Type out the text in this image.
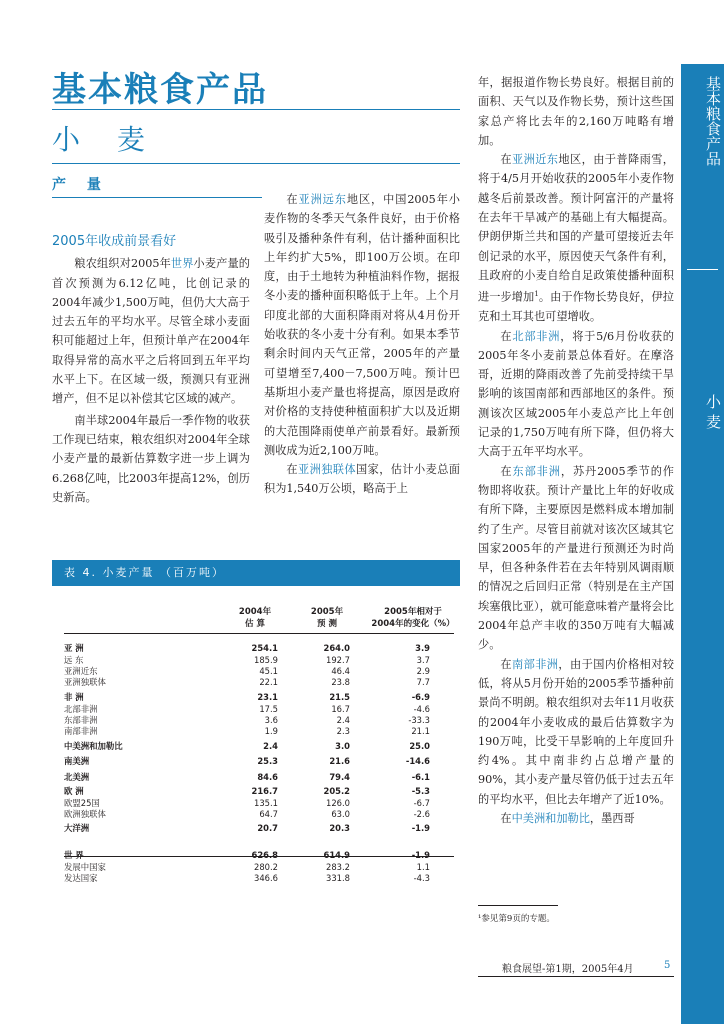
基本粮食产品
小 麦
产 量
2005年收成前景看好

粮农组织对2005年世界小麦产量的首次预测为6.12亿吨，比创记录的2004年减少1,500万吨，但仍大大高于过去五年的平均水平。尽管全球小麦面积可能超过上年，但预计单产在2004年取得异常的高水平之后将回到五年平均水平上下。在区域一级，预测只有亚洲增产，但不足以补偿其它区域的减产。

南半球2004年最后一季作物的收获工作现已结束，粮农组织对2004年全球小麦产量的最新估算数字进一步上调为6.268亿吨，比2003年提高12%，创历史新高。

在亚洲远东地区，中国2005年小麦作物的冬季天气条件良好，由于价格吸引及播种条件有利，估计播种面积比上年约扩大5%，即100万公顷。在印度，由于土地转为种植油料作物，据报冬小麦的播种面积略低于上年。上个月印度北部的大面积降雨对将从4月份开始收获的冬小麦十分有利。如果本季节剩余时间内天气正常，2005年的产量可望增至7,400－7,500万吨。预计巴基斯坦小麦产量也将提高，原因是政府对价格的支持使种植面积扩大以及近期的大范围降雨使单产前景看好。最新预测收成为近2,100万吨。

在亚洲独联体国家，估计小麦总面积为1,540万公顷，略高于上

年，据报道作物长势良好。根据目前的面积、天气以及作物长势，预计这些国家总产将比去年的2,160万吨略有增加。

在亚洲近东地区，由于普降雨雪，将于4/5月开始收获的2005年小麦作物越冬后前景改善。预计阿富汗的产量将在去年干旱减产的基础上有大幅提高。伊朗伊斯兰共和国的产量可望接近去年创记录的水平，原因使天气条件有利，且政府的小麦自给自足政策使播种面积进一步增加$^1$。由于作物长势良好，伊拉克和土耳其也可望增收。

在北部非洲，将于5/6月份收获的2005年冬小麦前景总体看好。在摩洛哥，近期的降雨改善了先前受持续干旱影响的该国南部和西部地区的条件。预测该次区域2005年小麦总产比上年创记录的1,750万吨有所下降，但仍将大大高于五年平均水平。

在东部非洲，苏丹2005季节的作物即将收获。预计产量比上年的好收成有所下降，主要原因是燃料成本增加制约了生产。尽管目前就对该次区域其它国家2005年的产量进行预测还为时尚早，但各种条件若在去年特别风调雨顺的情况之后回归正常（特别是在主产国埃塞俄比亚），就可能意味着产量将会比2004年总产丰收的350万吨有大幅减少。

在南部非洲，由于国内价格相对较低，将从5月份开始的2005季节播种前景尚不明朗。粮农组织对去年11月收获的2004年小麦收成的最后估算数字为190万吨，比受干旱影响的上年度回升约4%。其中南非约占总增产量的90%，其小麦产量尽管仍低于过去五年的平均水平，但比去年增产了近10%。

在中美洲和加勒比，墨西哥

基本粮食产品
小 麦
表 4. 小麦产量 （百万吨）
2004年
估 算
2005年
预 测
2005年相对于
2004年的变化（%）
亚 洲	254.1	264.0	3.9
远 东	185.9	192.7	3.7
亚洲近东	45.1	46.4	2.9
亚洲独联体	22.1	23.8	7.7
非 洲	23.1	21.5	-6.9
北部非洲	17.5	16.7	-4.6
东部非洲	3.6	2.4	-33.3
南部非洲	1.9	2.3	21.1
中美洲和加勒比	2.4	3.0	25.0
南美洲	25.3	21.6	-14.6
北美洲	84.6	79.4	-6.1
欧 洲	216.7	205.2	-5.3
欧盟25国	135.1	126.0	-6.7
欧洲独联体	64.7	63.0	-2.6
大洋洲	20.7	20.3	-1.9
世 界	626.8	614.9	-1.9
发展中国家	280.2	283.2	1.1
发达国家	346.6	331.8	-4.3
¹参见第9页的专题。
粮食展望-第1期，2005年4月	5
